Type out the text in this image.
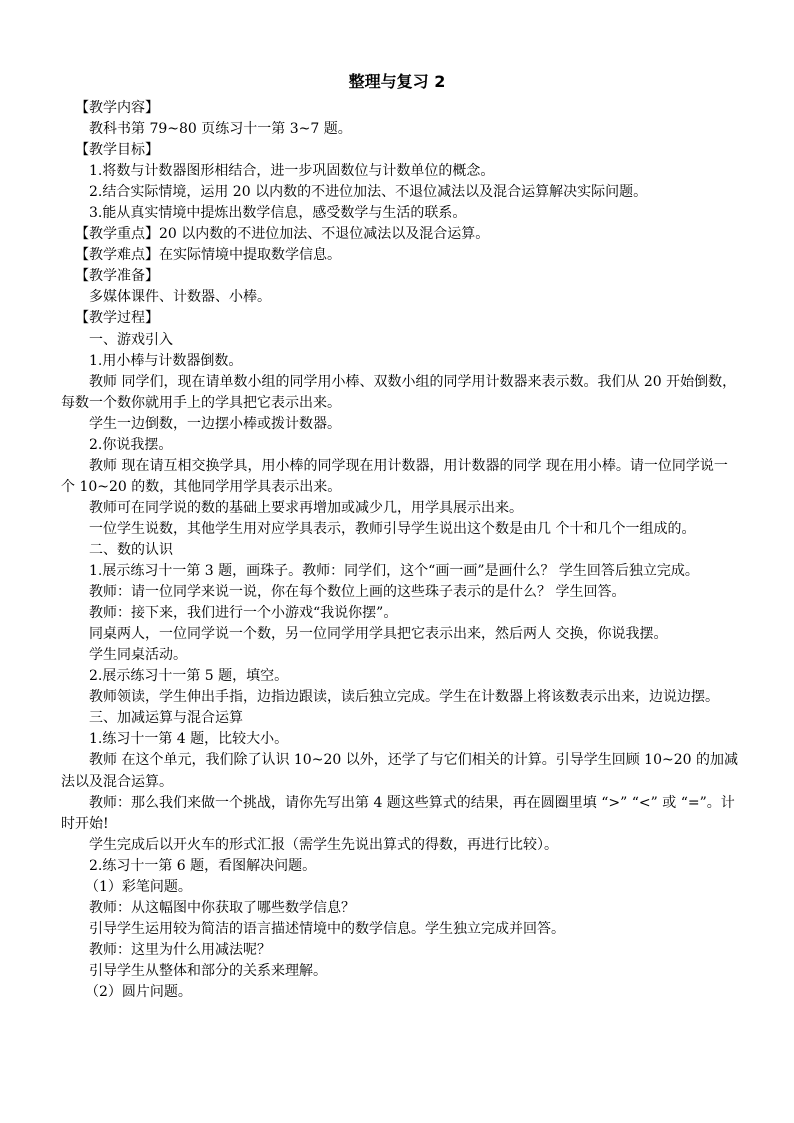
整理与复习 2

【教学内容】

教科书第 79~80 页练习十一第 3~7 题。

【教学目标】

1.将数与计数器图形相结合，进一步巩固数位与计数单位的概念。

2.结合实际情境，运用 20 以内数的不进位加法、不退位减法以及混合运算解决实际问题。

3.能从真实情境中提炼出数学信息，感受数学与生活的联系。

【教学重点】20 以内数的不进位加法、不退位减法以及混合运算。

【教学难点】在实际情境中提取数学信息。

【教学准备】

多媒体课件、计数器、小棒。

【教学过程】

一、游戏引入

1.用小棒与计数器倒数。

教师 同学们，现在请单数小组的同学用小棒、双数小组的同学用计数器来表示数。我们从 20 开始倒数，每数一个数你就用手上的学具把它表示出来。

学生一边倒数，一边摆小棒或拨计数器。

2.你说我摆。

教师 现在请互相交换学具，用小棒的同学现在用计数器，用计数器的同学 现在用小棒。请一位同学说一个 10~20 的数，其他同学用学具表示出来。

教师可在同学说的数的基础上要求再增加或减少几，用学具展示出来。

一位学生说数，其他学生用对应学具表示，教师引导学生说出这个数是由几 个十和几个一组成的。

二、数的认识

1.展示练习十一第 3 题，画珠子。教师：同学们，这个“画一画”是画什么？ 学生回答后独立完成。

教师：请一位同学来说一说，你在每个数位上画的这些珠子表示的是什么？ 学生回答。

教师：接下来，我们进行一个小游戏“我说你摆”。

同桌两人，一位同学说一个数，另一位同学用学具把它表示出来，然后两人 交换，你说我摆。

学生同桌活动。

2.展示练习十一第 5 题，填空。

教师领读，学生伸出手指，边指边跟读，读后独立完成。学生在计数器上将该数表示出来，边说边摆。

三、加减运算与混合运算

1.练习十一第 4 题，比较大小。

教师 在这个单元，我们除了认识 10~20 以外，还学了与它们相关的计算。引导学生回顾 10~20 的加减法以及混合运算。

教师：那么我们来做一个挑战，请你先写出第 4 题这些算式的结果，再在圆圈里填 “>” “<” 或 “=”。计时开始!

学生完成后以开火车的形式汇报（需学生先说出算式的得数，再进行比较）。

2.练习十一第 6 题，看图解决问题。

（1）彩笔问题。

教师：从这幅图中你获取了哪些数学信息？

引导学生运用较为简洁的语言描述情境中的数学信息。学生独立完成并回答。

教师：这里为什么用减法呢？

引导学生从整体和部分的关系来理解。

（2）圆片问题。
